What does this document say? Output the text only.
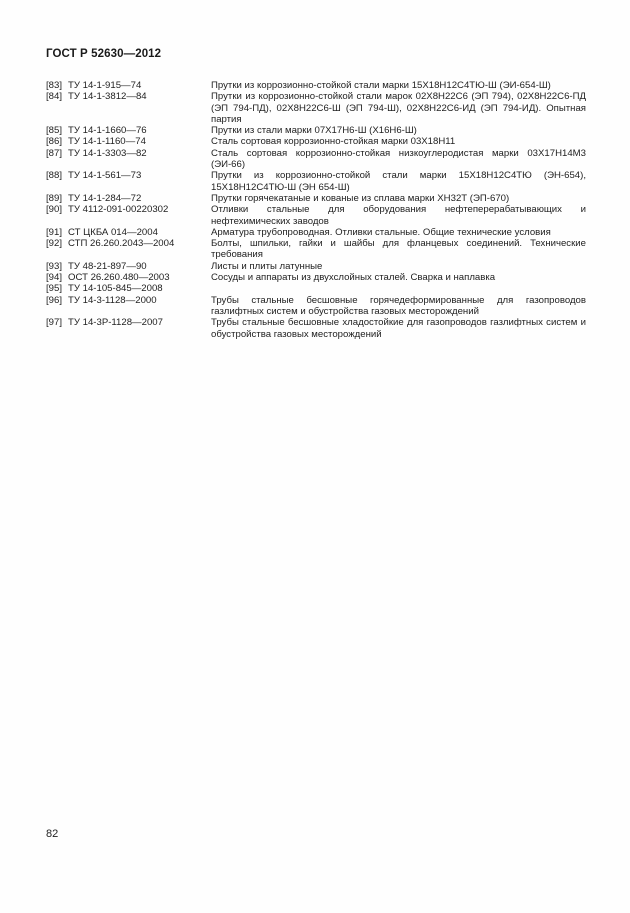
ГОСТ Р 52630—2012
[83] ТУ 14-1-915—74	Прутки из коррозионно-стойкой стали марки 15Х18Н12С4ТЮ-Ш (ЭИ-654-Ш)
[84] ТУ 14-1-3812—84	Прутки из коррозионно-стойкой стали марок 02Х8Н22С6 (ЭП 794), 02Х8Н22С6-ПД (ЭП 794-ПД), 02Х8Н22С6-Ш (ЭП 794-Ш), 02Х8Н22С6-ИД (ЭП 794-ИД). Опытная партия
[85] ТУ 14-1-1660—76	Прутки из стали марки 07Х17Н6-Ш (Х16Н6-Ш)
[86] ТУ 14-1-1160—74	Сталь сортовая коррозионно-стойкая марки 03Х18Н11
[87] ТУ 14-1-3303—82	Сталь сортовая коррозионно-стойкая низкоуглеродистая марки 03Х17Н14М3 (ЭИ-66)
[88] ТУ 14-1-561—73	Прутки из коррозионно-стойкой стали марки 15Х18Н12С4ТЮ (ЭН-654), 15Х18Н12С4ТЮ-Ш (ЭН 654-Ш)
[89] ТУ 14-1-284—72	Прутки горячекатаные и кованые из сплава марки ХН32Т (ЭП-670)
[90] ТУ 4112-091-00220302	Отливки стальные для оборудования нефтеперерабатывающих и нефтехимических заводов
[91] СТ ЦКБА 014—2004	Арматура трубопроводная. Отливки стальные. Общие технические условия
[92] СТП 26.260.2043—2004	Болты, шпильки, гайки и шайбы для фланцевых соединений. Технические требования
[93] ТУ 48-21-897—90	Листы и плиты латунные
[94] ОСТ 26.260.480—2003	Сосуды и аппараты из двухслойных сталей. Сварка и наплавка
[95] ТУ 14-105-845—2008
[96] ТУ 14-3-1128—2000	Трубы стальные бесшовные горячедеформированные для газопроводов газлифтных систем и обустройства газовых месторождений
[97] ТУ 14-3Р-1128—2007	Трубы стальные бесшовные хладостойкие для газопроводов газлифтных систем и обустройства газовых месторождений
82
